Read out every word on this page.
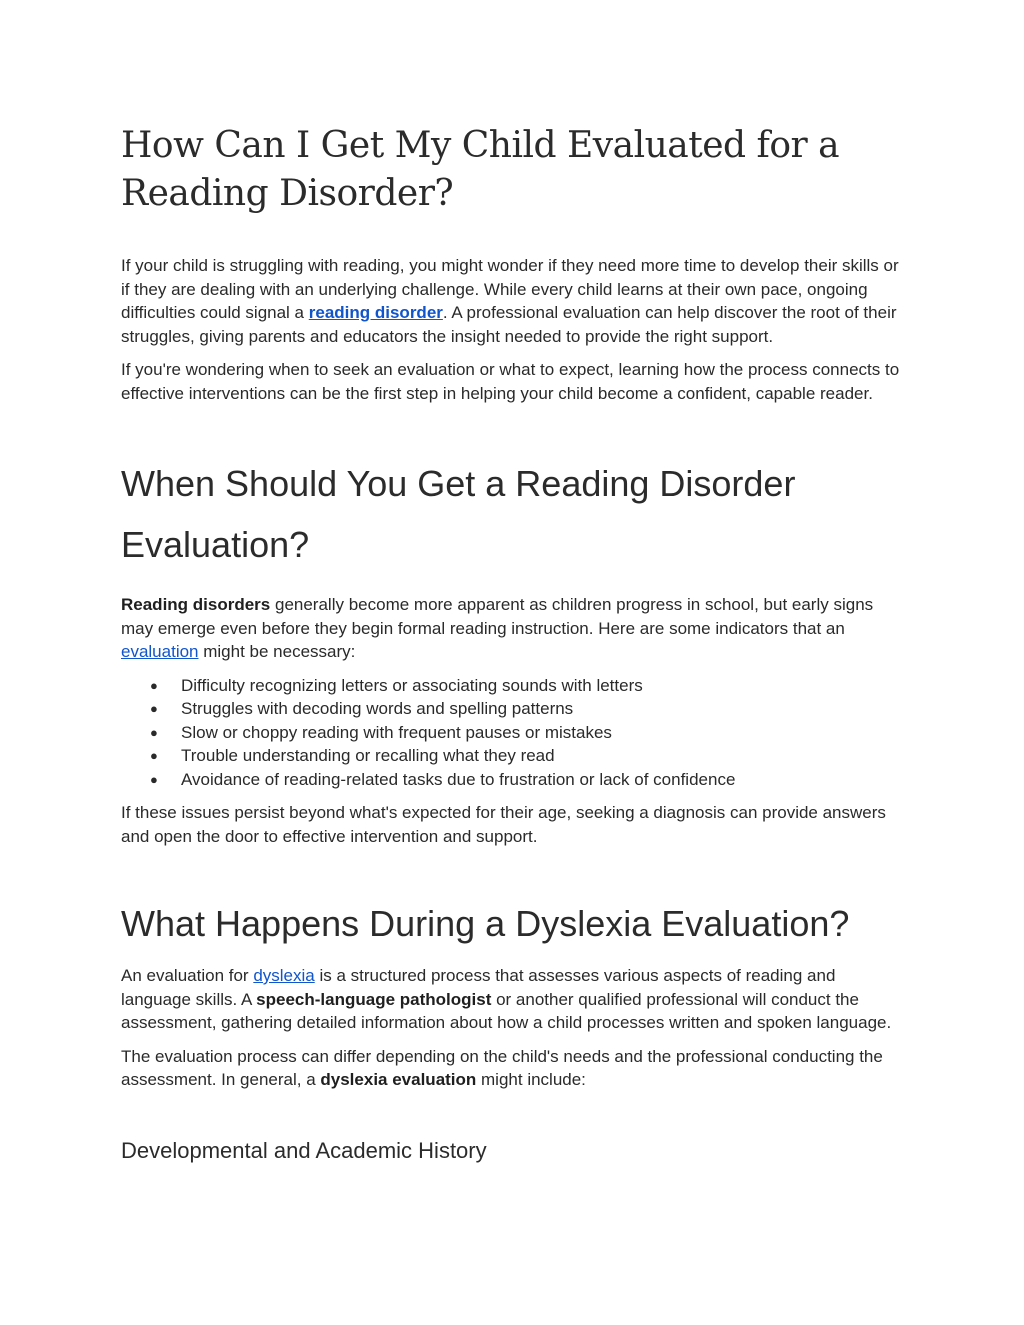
How Can I Get My Child Evaluated for a Reading Disorder?

If your child is struggling with reading, you might wonder if they need more time to develop their skills or if they are dealing with an underlying challenge. While every child learns at their own pace, ongoing difficulties could signal a reading disorder. A professional evaluation can help discover the root of their struggles, giving parents and educators the insight needed to provide the right support.

If you're wondering when to seek an evaluation or what to expect, learning how the process connects to effective interventions can be the first step in helping your child become a confident, capable reader.

When Should You Get a Reading Disorder Evaluation?

Reading disorders generally become more apparent as children progress in school, but early signs may emerge even before they begin formal reading instruction. Here are some indicators that an evaluation might be necessary:

● Difficulty recognizing letters or associating sounds with letters
● Struggles with decoding words and spelling patterns
● Slow or choppy reading with frequent pauses or mistakes
● Trouble understanding or recalling what they read
● Avoidance of reading-related tasks due to frustration or lack of confidence

If these issues persist beyond what's expected for their age, seeking a diagnosis can provide answers and open the door to effective intervention and support.

What Happens During a Dyslexia Evaluation?

An evaluation for dyslexia is a structured process that assesses various aspects of reading and language skills. A speech-language pathologist or another qualified professional will conduct the assessment, gathering detailed information about how a child processes written and spoken language.

The evaluation process can differ depending on the child's needs and the professional conducting the assessment. In general, a dyslexia evaluation might include:

Developmental and Academic History
